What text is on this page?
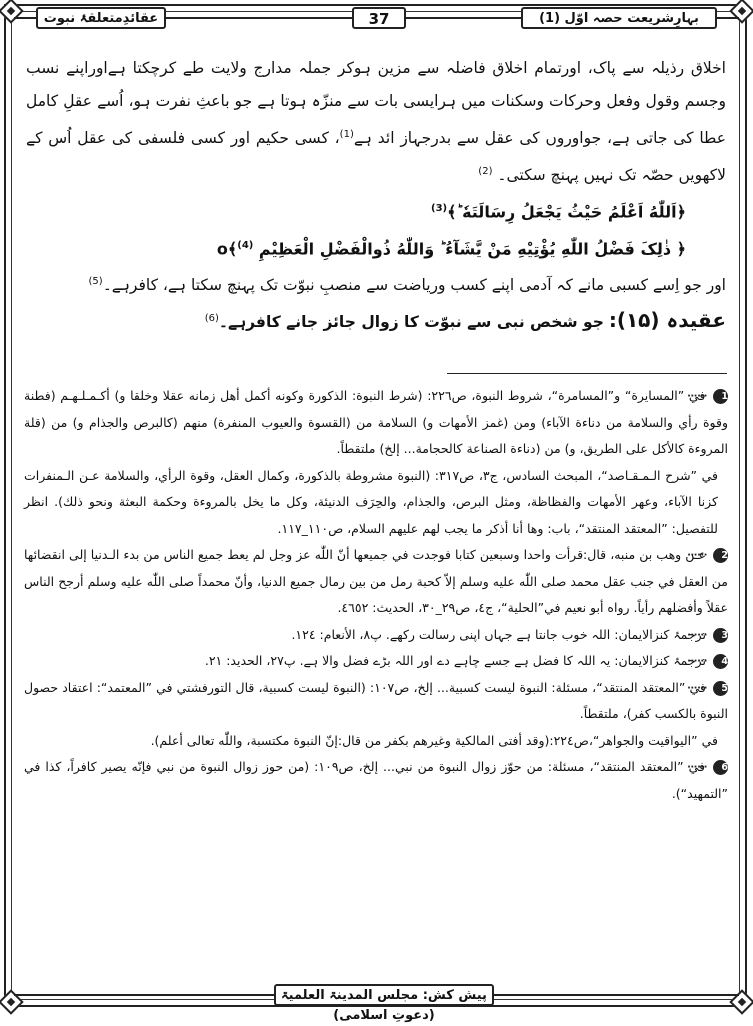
بہارِشریعت حصہ اوّل (1)
37
عقائدِمتعلقۂ نبوت

اخلاق رذیلہ سے پاک، اورتمام اخلاق فاضلہ سے مزین ہوکر جملہ مدارج ولایت طے کرچکتا ہےاوراپنے نسب وجسم وقول وفعل وحرکات وسکنات میں ہرایسی بات سے منزّہ ہوتا ہے جو باعثِ نفرت ہو، اُسے عقلِ کامل عطا کی جاتی ہے، جواوروں کی عقل سے بدرجہاز ائد ہے$^{(1)}$، کسی حکیم اور کسی فلسفی کی عقل اُس کے لاکھویں حصّہ تک نہیں پہنچ سکتی۔ $^{(2)}$

﴿اَللّٰهُ اَعْلَمُ حَيْثُ يَجْعَلُ رِسَالَتَهٗ ؕ﴾$^{(3)}$

﴿ ذٰلِکَ فَضْلُ اللّٰهِ يُؤْتِيْهِ مَنْ يَّشَآءُ ؕ وَاللّٰهُ ذُوالْفَضْلِ الْعَظِيْمِ o﴾$^{(4)}$

اور جو اِسے کسبی مانے کہ آدمی اپنے کسب وریاضت سے منصبِ نبوّت تک پہنچ سکتا ہے، کافرہے۔$^{(5)}$

عقیدہ (۱۵): جو شخص نبی سے نبوّت کا زوال جائز جانے کافرہے۔$^{(6)}$

1 ⋯⋯ في ”المسايرة“ و”المسامرة“، شروط النبوة، ص٢٢٦: (شرط النبوة: الذكورة وكونه أكمل أهل زمانه عقلا وخلقا و) أكـمـلـهـم (فطنة وقوة رأي والسلامة من دناءة الآباء) ومن (غمز الأمهات و) السلامة من (القسوة والعيوب المنفرة) منهم (كالبرص والجذام و) من (قلة المروءة كالأكل على الطريق، و) من (دناءة الصناعة كالحجامة... إلخ) ملتقطاً.

في ”شرح الـمـقـاصد“، المبحث السادس، ج٣، ص٣١٧: (النبوة مشروطة بالذكورة، وكمال العقل، وقوة الرأي، والسلامة عـن الـمنفرات كزنا الآباء، وعهر الأمهات والفظاظة، ومثل البرص، والجذام، والحِرَف الدنيئة، وكل ما يخل بالمروءة وحكمة البعثة ونحو ذلك). انظر للتفصيل: ”المعتقد المنتقد“، باب: وها أنا أذكر ما يجب لهم عليهم السلام، ص١١٠_١١٧.

2 ⋯⋯ عـن وهب بن منبه، قال:قرأت واحدا وسبعين كتابا فوجدت في جميعها أنّ اللّٰه عز وجل لم يعط جميع الناس من بدء الـدنيا إلى انقضائها من العقل في جنب عقل محمد صلى اللّٰه عليه وسلم إلاّ كحبة رمل من بين رمال جميع الدنيا، وأنّ محمداً صلى اللّٰه عليه وسلم أرجح الناس عقلاً وأفضلهم رأياً. رواه أبو نعيم في”الحلية“، ج٤، ص٢٩_٣٠، الحديث: ٤٦٥٢.

3 ⋯⋯ ترجمۂ کنزالایمان: اللہ خوب جانتا ہے جہاں اپنی رسالت رکھے. پ٨، الأنعام: ١٢٤.

4 ⋯⋯ ترجمۂ کنزالایمان: یہ اللہ کا فضل ہے جسے چاہے دے اور اللہ بڑے فضل والا ہے. پ٢٧، الحديد: ٢١.

5 ⋯⋯ في ”المعتقد المنتقد“، مسئلة: النبوة ليست كسبية... إلخ، ص١٠٧: (النبوة ليست كسبية، قال التورفشتي في ”المعتمد“: اعتقاد حصول النبوة بالكسب كفر)، ملتقطاً.

في ”اليواقيت والجواهر“،ص٢٢٤:(وقد أفتى المالكية وغيرهم بكفر من قال:إنّ النبوة مكتسبة، واللّٰه تعالى أعلم).

6 ⋯⋯ في ”المعتقد المنتقد“، مسئلة: من حوّز زوال النبوة من نبي... إلخ، ص١٠٩: (من حوز زوال النبوة من نبي فإنّه يصير كافراً، كذا في ”التمهيد“).

پیش کش: مجلس المدینۃ العلمیۃ (دعوتِ اسلامی)
